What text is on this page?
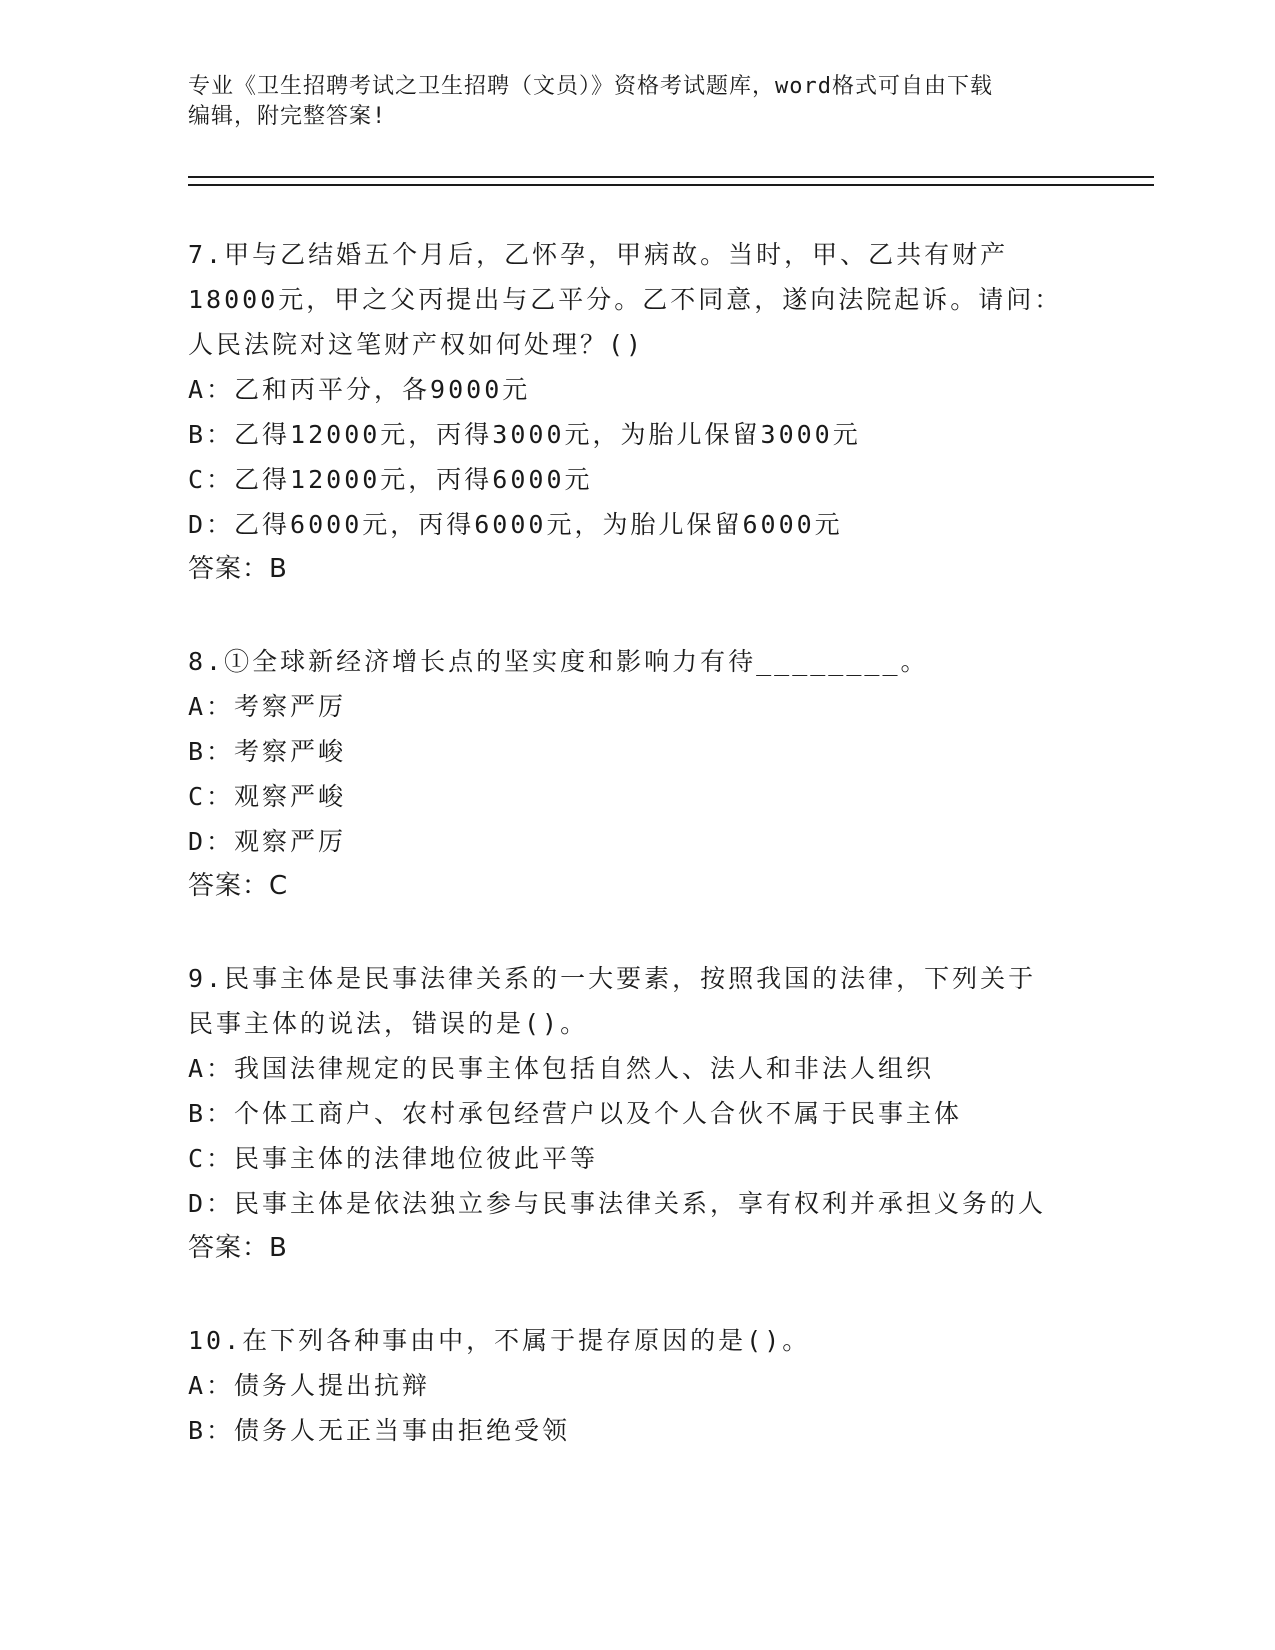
专业《卫生招聘考试之卫生招聘（文员）》资格考试题库，word格式可自由下载
编辑，附完整答案!
7.甲与乙结婚五个月后，乙怀孕，甲病故。当时，甲、乙共有财产
18000元，甲之父丙提出与乙平分。乙不同意，遂向法院起诉。请问：
人民法院对这笔财产权如何处理？()
A：乙和丙平分，各9000元
B：乙得12000元，丙得3000元，为胎儿保留3000元
C：乙得12000元，丙得6000元
D：乙得6000元，丙得6000元，为胎儿保留6000元
答案：B
8.①全球新经济增长点的坚实度和影响力有待________。
A：考察严厉
B：考察严峻
C：观察严峻
D：观察严厉
答案：C
9.民事主体是民事法律关系的一大要素，按照我国的法律，下列关于
民事主体的说法，错误的是()。
A：我国法律规定的民事主体包括自然人、法人和非法人组织
B：个体工商户、农村承包经营户以及个人合伙不属于民事主体
C：民事主体的法律地位彼此平等
D：民事主体是依法独立参与民事法律关系，享有权利并承担义务的人
答案：B
10.在下列各种事由中，不属于提存原因的是()。
A：债务人提出抗辩
B：债务人无正当事由拒绝受领
